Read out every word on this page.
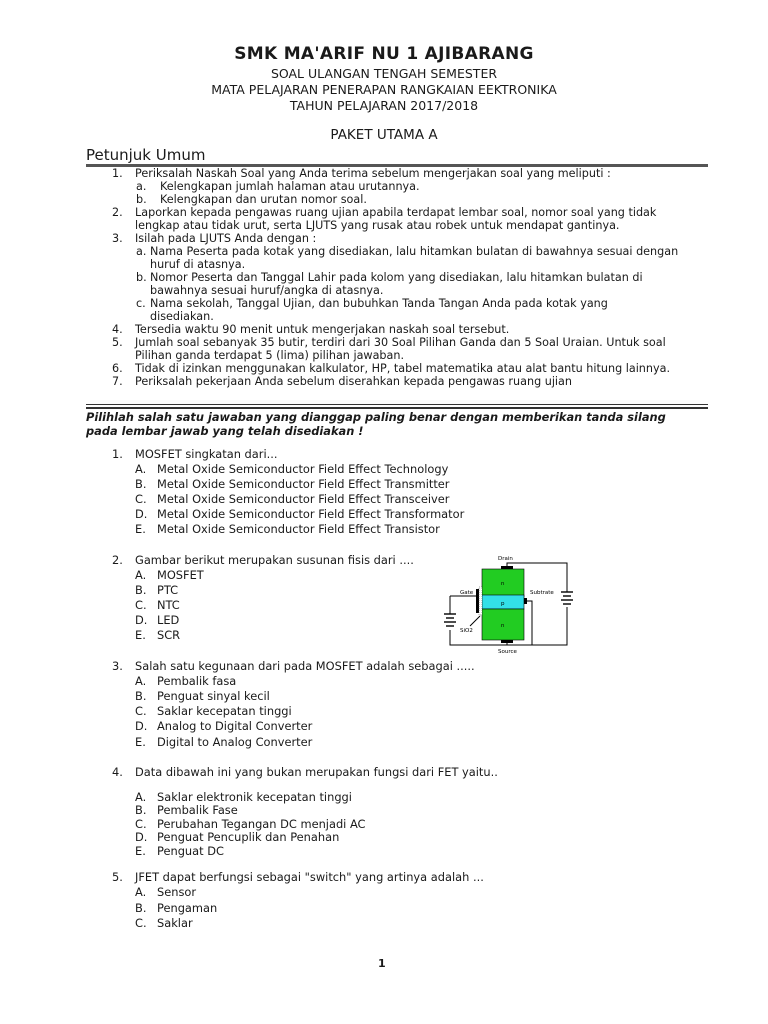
SMK MA'ARIF NU 1 AJIBARANG
SOAL ULANGAN TENGAH SEMESTER
MATA PELAJARAN PENERAPAN RANGKAIAN EEKTRONIKA
TAHUN PELAJARAN 2017/2018
PAKET UTAMA A
Petunjuk Umum
1. Periksalah Naskah Soal yang Anda terima sebelum mengerjakan soal yang meliputi :
a. Kelengkapan jumlah halaman atau urutannya.
b. Kelengkapan dan urutan nomor soal.
2. Laporkan kepada pengawas ruang ujian apabila terdapat lembar soal, nomor soal yang tidak
lengkap atau tidak urut, serta LJUTS yang rusak atau robek untuk mendapat gantinya.
3. Isilah pada LJUTS Anda dengan :
a. Nama Peserta pada kotak yang disediakan, lalu hitamkan bulatan di bawahnya sesuai dengan
huruf di atasnya.
b. Nomor Peserta dan Tanggal Lahir pada kolom yang disediakan, lalu hitamkan bulatan di
bawahnya sesuai huruf/angka di atasnya.
c. Nama sekolah, Tanggal Ujian, dan bubuhkan Tanda Tangan Anda pada kotak yang
disediakan.
4. Tersedia waktu 90 menit untuk mengerjakan naskah soal tersebut.
5. Jumlah soal sebanyak 35 butir, terdiri dari 30 Soal Pilihan Ganda dan 5 Soal Uraian. Untuk soal
Pilihan ganda terdapat 5 (lima) pilihan jawaban.
6. Tidak di izinkan menggunakan kalkulator, HP, tabel matematika atau alat bantu hitung lainnya.
7. Periksalah pekerjaan Anda sebelum diserahkan kepada pengawas ruang ujian
Pilihlah salah satu jawaban yang dianggap paling benar dengan memberikan tanda silang
pada lembar jawab yang telah disediakan !
1. MOSFET singkatan dari...
A. Metal Oxide Semiconductor Field Effect Technology
B. Metal Oxide Semiconductor Field Effect Transmitter
C. Metal Oxide Semiconductor Field Effect Transceiver
D. Metal Oxide Semiconductor Field Effect Transformator
E. Metal Oxide Semiconductor Field Effect Transistor
2. Gambar berikut merupakan susunan fisis dari ....
A. MOSFET
B. PTC
C. NTC
D. LED
E. SCR
Drain
Gate	Subtrate
SiO2
Source
n
p
n
3. Salah satu kegunaan dari pada MOSFET adalah sebagai .....
A. Pembalik fasa
B. Penguat sinyal kecil
C. Saklar kecepatan tinggi
D. Analog to Digital Converter
E. Digital to Analog Converter
4. Data dibawah ini yang bukan merupakan fungsi dari FET yaitu..
A. Saklar elektronik kecepatan tinggi
B. Pembalik Fase
C. Perubahan Tegangan DC menjadi AC
D. Penguat Pencuplik dan Penahan
E. Penguat DC
5. JFET dapat berfungsi sebagai "switch" yang artinya adalah ...
A. Sensor
B. Pengaman
C. Saklar
1
